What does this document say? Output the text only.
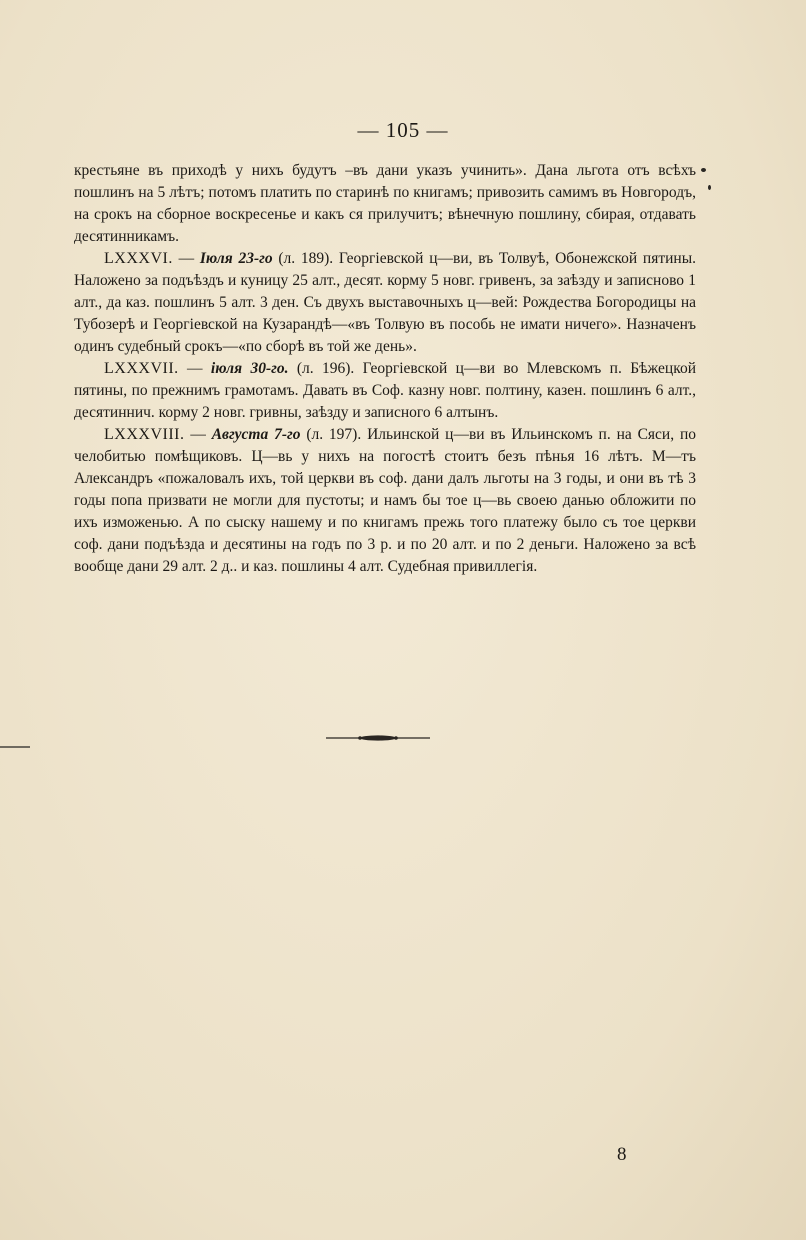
— 105 —

крестьяне въ приходѣ у нихъ будутъ –въ дани указъ учинить». Дана льгота отъ всѣхъ пошлинъ на 5 лѣтъ; потомъ платить по старинѣ по книгамъ; привозить самимъ въ Новгородъ, на срокъ на сборное воскресенье и какъ ся прилучитъ; вѣнечную пошлину, сбирая, отдавать десятинникамъ.

LXXXVI. — Іюля 23-го (л. 189). Георгіевской ц—ви, въ Толвуѣ, Обонежской пятины. Наложено за подъѣздъ и куницу 25 алт., десят. корму 5 новг. гривенъ, за заѣзду и записново 1 алт., да каз. пошлинъ 5 алт. 3 ден. Съ двухъ выставочныхъ ц—вей: Рождества Богородицы на Тубозерѣ и Георгіевской на Кузарандѣ—«въ Толвую въ пособь не имати ничего». Назначенъ одинъ судебный срокъ—«по сборѣ въ той же день».

LXXXVII. — іюля 30-го. (л. 196). Георгіевской ц—ви во Млевскомъ п. Бѣжецкой пятины, по прежнимъ грамотамъ. Давать въ Соф. казну новг. полтину, казен. пошлинъ 6 алт., десятиннич. корму 2 новг. гривны, заѣзду и записного 6 алтынъ.

LXXXVIII. — Августа 7-го (л. 197). Ильинской ц—ви въ Ильинскомъ п. на Сяси, по челобитью помѣщиковъ. Ц—вь у нихъ на погостѣ стоитъ безъ пѣнья 16 лѣтъ. М—тъ Александръ «пожаловалъ ихъ, той церкви въ соф. дани далъ льготы на 3 годы, и они въ тѣ 3 годы попа призвати не могли для пустоты; и намъ бы тое ц—вь своею данью обложити по ихъ изможенью. А по сыску нашему и по книгамъ прежь того платежу было съ тое церкви соф. дани подъѣзда и десятины на годъ по 3 р. и по 20 алт. и по 2 деньги. Наложено за всѣ вообще дани 29 алт. 2 д.. и каз. пошлины 4 алт. Судебная привиллегія.

8
